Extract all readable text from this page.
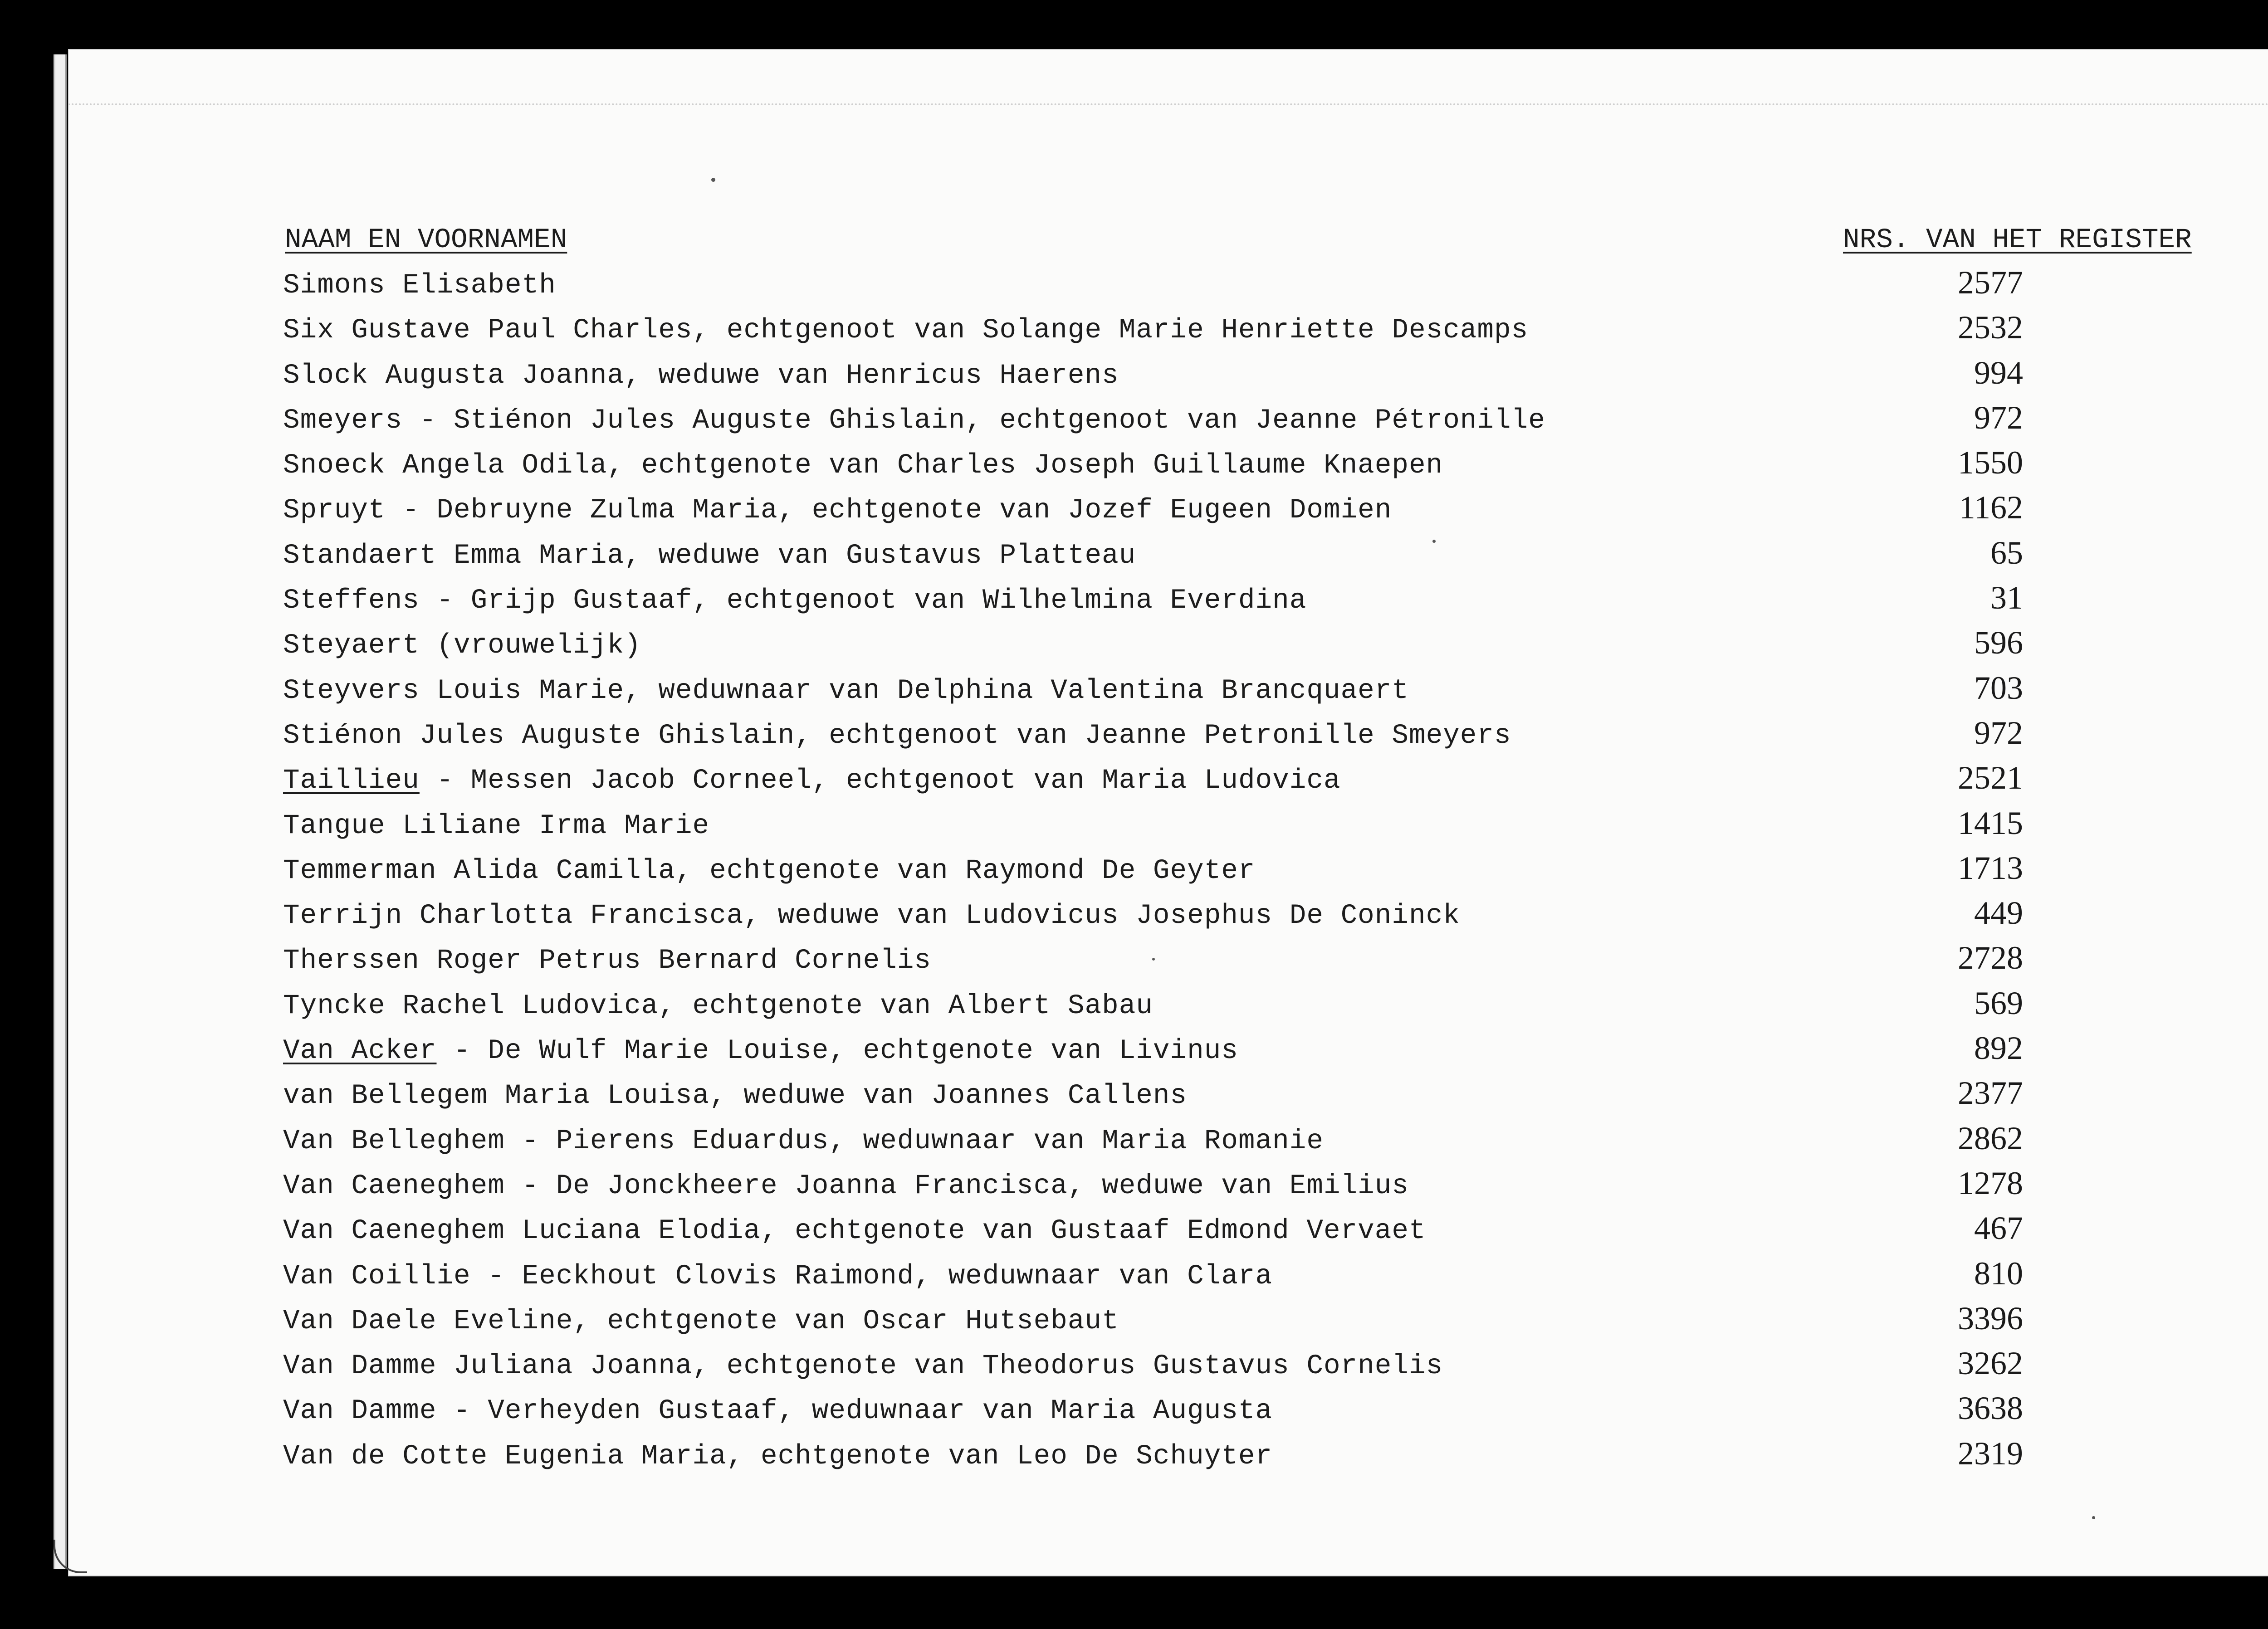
NAAM EN VOORNAMEN	NRS. VAN HET REGISTER
Simons Elisabeth	2577
Six Gustave Paul Charles, echtgenoot van Solange Marie Henriette Descamps	2532
Slock Augusta Joanna, weduwe van Henricus Haerens	994
Smeyers - Stiénon Jules Auguste Ghislain, echtgenoot van Jeanne Pétronille	972
Snoeck Angela Odila, echtgenote van Charles Joseph Guillaume Knaepen	1550
Spruyt - Debruyne Zulma Maria, echtgenote van Jozef Eugeen Domien	1162
Standaert Emma Maria, weduwe van Gustavus Platteau	65
Steffens - Grijp Gustaaf, echtgenoot van Wilhelmina Everdina	31
Steyaert (vrouwelijk)	596
Steyvers Louis Marie, weduwnaar van Delphina Valentina Brancquaert	703
Stiénon Jules Auguste Ghislain, echtgenoot van Jeanne Petronille Smeyers	972
Taillieu - Messen Jacob Corneel, echtgenoot van Maria Ludovica	2521
Tangue Liliane Irma Marie	1415
Temmerman Alida Camilla, echtgenote van Raymond De Geyter	1713
Terrijn Charlotta Francisca, weduwe van Ludovicus Josephus De Coninck	449
Therssen Roger Petrus Bernard Cornelis	2728
Tyncke Rachel Ludovica, echtgenote van Albert Sabau	569
Van Acker - De Wulf Marie Louise, echtgenote van Livinus	892
van Bellegem Maria Louisa, weduwe van Joannes Callens	2377
Van Belleghem - Pierens Eduardus, weduwnaar van Maria Romanie	2862
Van Caeneghem - De Jonckheere Joanna Francisca, weduwe van Emilius	1278
Van Caeneghem Luciana Elodia, echtgenote van Gustaaf Edmond Vervaet	467
Van Coillie - Eeckhout Clovis Raimond, weduwnaar van Clara	810
Van Daele Eveline, echtgenote van Oscar Hutsebaut	3396
Van Damme Juliana Joanna, echtgenote van Theodorus Gustavus Cornelis	3262
Van Damme - Verheyden Gustaaf, weduwnaar van Maria Augusta	3638
Van de Cotte Eugenia Maria, echtgenote van Leo De Schuyter	2319
